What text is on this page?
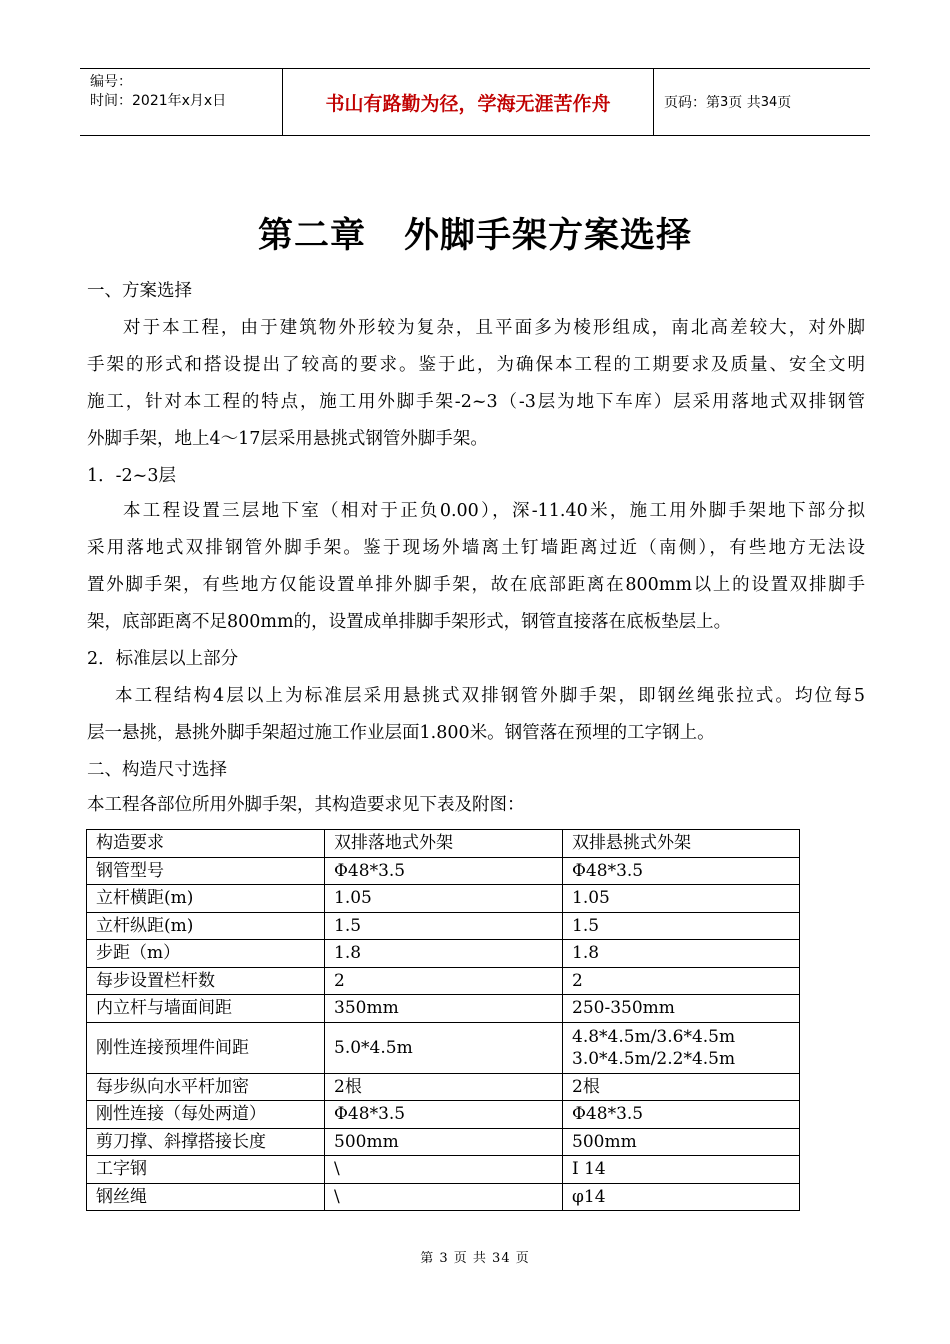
编号：
时间：2021年x月x日	书山有路勤为径，学海无涯苦作舟	页码：第 3 页 共 34 页
第二章 外脚手架方案选择
一、方案选择
对于本工程，由于建筑物外形较为复杂，且平面多为棱形组成，南北高差较大，对外脚
手架的形式和搭设提出了较高的要求。鉴于此，为确保本工程的工期要求及质量、安全文明
施工，针对本工程的特点，施工用外脚手架-2~3（-3层为地下车库）层采用落地式双排钢管
外脚手架，地上4～17层采用悬挑式钢管外脚手架。
1．-2~3层
本工程设置三层地下室（相对于正负0.00），深-11.40米，施工用外脚手架地下部分拟
采用落地式双排钢管外脚手架。鉴于现场外墙离土钉墙距离过近（南侧），有些地方无法设
置外脚手架，有些地方仅能设置单排外脚手架，故在底部距离在800mm以上的设置双排脚手
架，底部距离不足800mm的，设置成单排脚手架形式，钢管直接落在底板垫层上。
2．标准层以上部分
本工程结构4层以上为标准层采用悬挑式双排钢管外脚手架，即钢丝绳张拉式。均位每5
层一悬挑，悬挑外脚手架超过施工作业层面1.800米。钢管落在预埋的工字钢上。
二、构造尺寸选择
本工程各部位所用外脚手架，其构造要求见下表及附图：
构造要求	双排落地式外架	双排悬挑式外架
钢管型号	Φ48*3.5	Φ48*3.5
立杆横距(m)	1.05	1.05
立杆纵距(m)	1.5	1.5
步距（m）	1.8	1.8
每步设置栏杆数	2	2
内立杆与墙面间距	350mm	250-350mm
刚性连接预埋件间距	5.0*4.5m	4.8*4.5m/3.6*4.5m
3.0*4.5m/2.2*4.5m

每步纵向水平杆加密	2根	2根
刚性连接（每处两道）	Φ48*3.5	Φ48*3.5
剪刀撑、斜撑搭接长度	500mm	500mm
工字钢	\	I 14
钢丝绳	\	φ14
第 3 页 共 34 页
